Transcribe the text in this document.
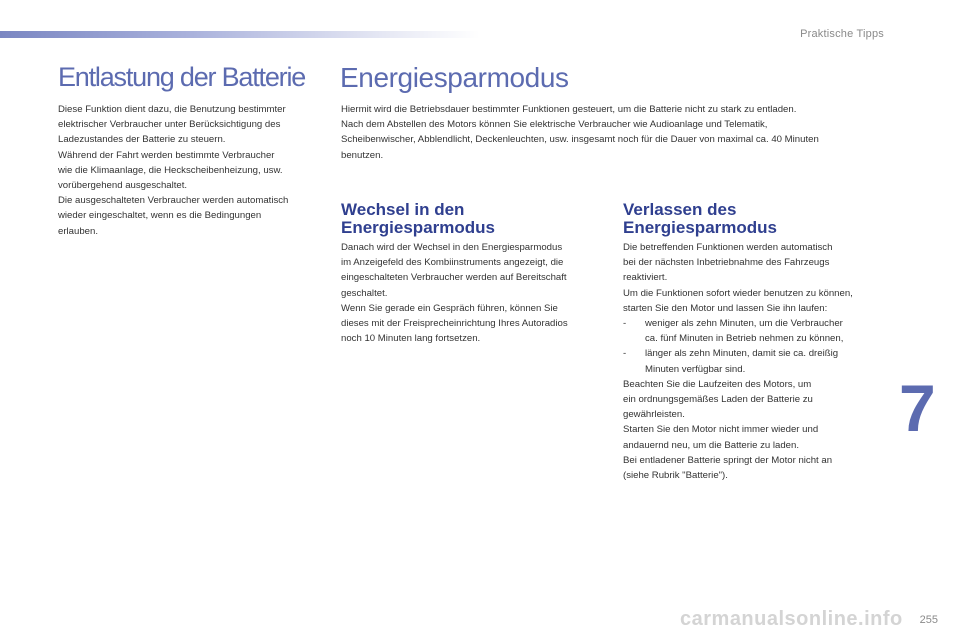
Praktische Tipps
Entlastung der Batterie

Diese Funktion dient dazu, die Benutzung bestimmter

elektrischer Verbraucher unter Berücksichtigung des

Ladezustandes der Batterie zu steuern.

Während der Fahrt werden bestimmte Verbraucher

wie die Klimaanlage, die Heckscheibenheizung, usw.

vorübergehend ausgeschaltet.

Die ausgeschalteten Verbraucher werden automatisch

wieder eingeschaltet, wenn es die Bedingungen

erlauben.

Energiesparmodus

Hiermit wird die Betriebsdauer bestimmter Funktionen gesteuert, um die Batterie nicht zu stark zu entladen.

Nach dem Abstellen des Motors können Sie elektrische Verbraucher wie Audioanlage und Telematik,

Scheibenwischer, Abblendlicht, Deckenleuchten, usw. insgesamt noch für die Dauer von maximal ca. 40 Minuten

benutzen.

Wechsel in den
Energiesparmodus

Danach wird der Wechsel in den Energiesparmodus

im Anzeigefeld des Kombiinstruments angezeigt, die

eingeschalteten Verbraucher werden auf Bereitschaft

geschaltet.

Wenn Sie gerade ein Gespräch führen, können Sie

dieses mit der Freisprecheinrichtung Ihres Autoradios

noch 10 Minuten lang fortsetzen.

Verlassen des
Energiesparmodus

Die betreffenden Funktionen werden automatisch

bei der nächsten Inbetriebnahme des Fahrzeugs

reaktiviert.

Um die Funktionen sofort wieder benutzen zu können,

starten Sie den Motor und lassen Sie ihn laufen:

-	weniger als zehn Minuten, um die Verbraucher
ca. fünf Minuten in Betrieb nehmen zu können,
-	länger als zehn Minuten, damit sie ca. dreißig
Minuten verfügbar sind.

Beachten Sie die Laufzeiten des Motors, um

ein ordnungsgemäßes Laden der Batterie zu

gewährleisten.

Starten Sie den Motor nicht immer wieder und

andauernd neu, um die Batterie zu laden.

Bei entladener Batterie springt der Motor nicht an

(siehe Rubrik "Batterie").

7
carmanualsonline.info 255
